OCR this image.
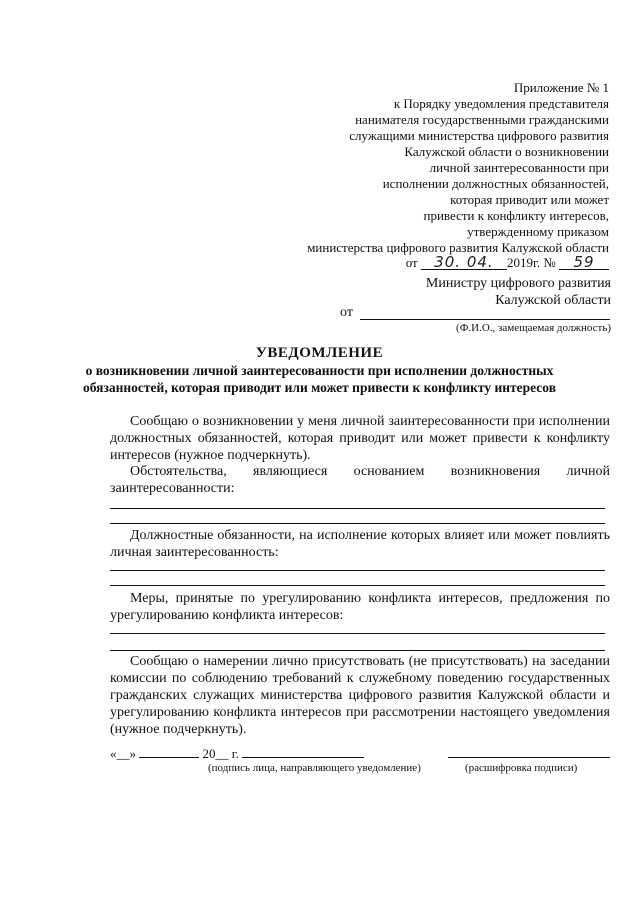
Приложение № 1
к Порядку уведомления представителя
нанимателя государственными гражданскими
служащими министерства цифрового развития
Калужской области о возникновении
личной заинтересованности при
исполнении должностных обязанностей,
которая приводит или может
привести к конфликту интересов,
утвержденному приказом
министерства цифрового развития Калужской области
от 30. 04. 2019г. № 59
Министру цифрового развития
Калужской области
от
(Ф.И.О., замещаемая должность)
УВЕДОМЛЕНИЕ
о возникновении личной заинтересованности при исполнении должностных
обязанностей, которая приводит или может привести к конфликту интересов

Сообщаю о возникновении у меня личной заинтересованности при исполнении должностных обязанностей, которая приводит или может привести к конфликту интересов (нужное подчеркнуть).

Обстоятельства, являющиеся основанием возникновения личной заинтересованности:

Должностные обязанности, на исполнение которых влияет или может повлиять личная заинтересованность:

Меры, принятые по урегулированию конфликта интересов, предложения по урегулированию конфликта интересов:

Сообщаю о намерении лично присутствовать (не присутствовать) на заседании комиссии по соблюдению требований к служебному поведению государственных гражданских служащих министерства цифрового развития Калужской области и урегулированию конфликта интересов при рассмотрении настоящего уведомления (нужное подчеркнуть).

«__»	20__ г.
(подпись лица, направляющего уведомление)	(расшифровка подписи)
